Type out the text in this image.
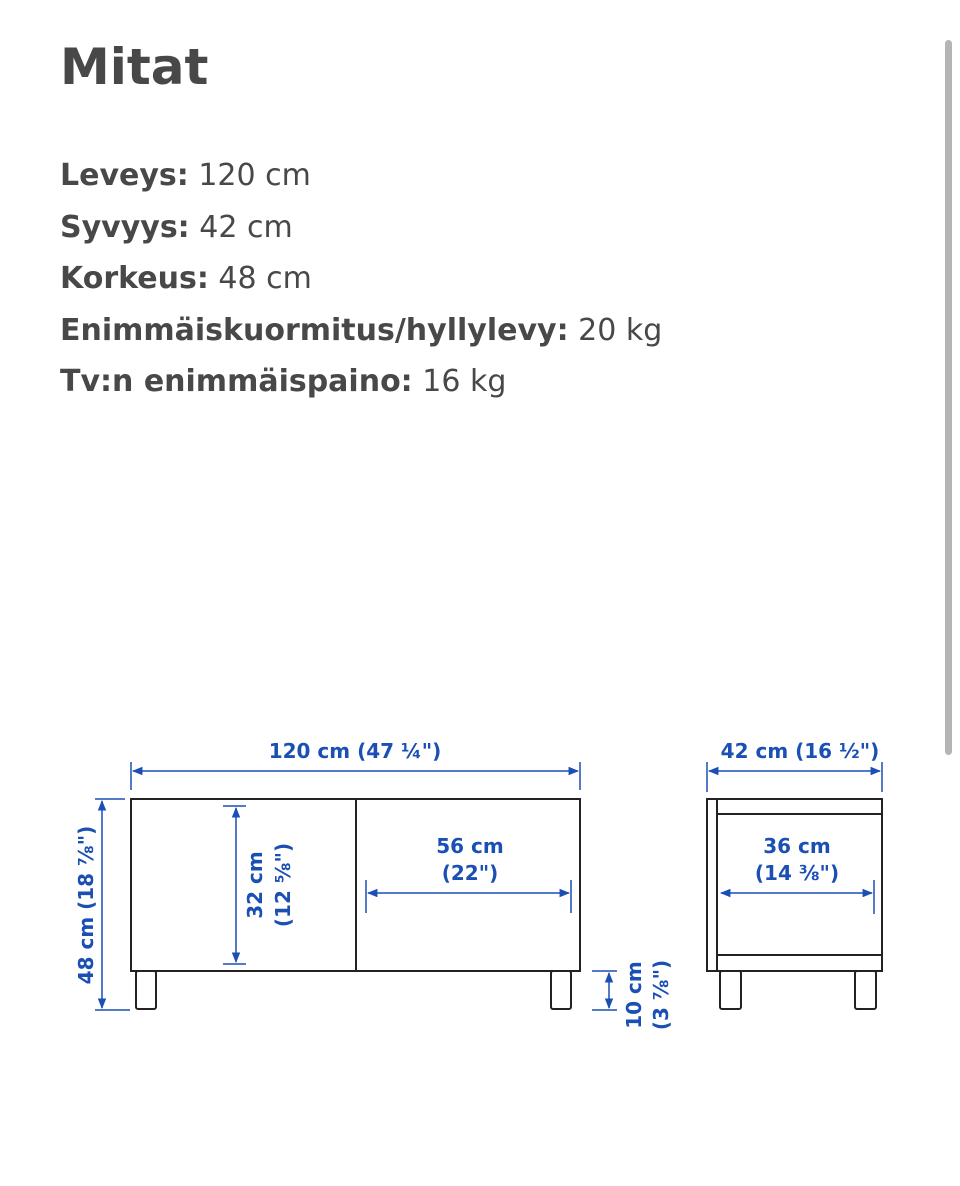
Mitat
Leveys: 120 cm
Syvyys: 42 cm
Korkeus: 48 cm
Enimmäiskuormitus/hyllylevy: 20 kg
Tv:n enimmäispaino: 16 kg
120 cm (47 ¼")
48 cm (18 ⅞")	32 cm (12 ⅝")	56 cm
(22")
10 cm (3 ⅞")
42 cm (16 ½")
36 cm
(14 ⅜")
